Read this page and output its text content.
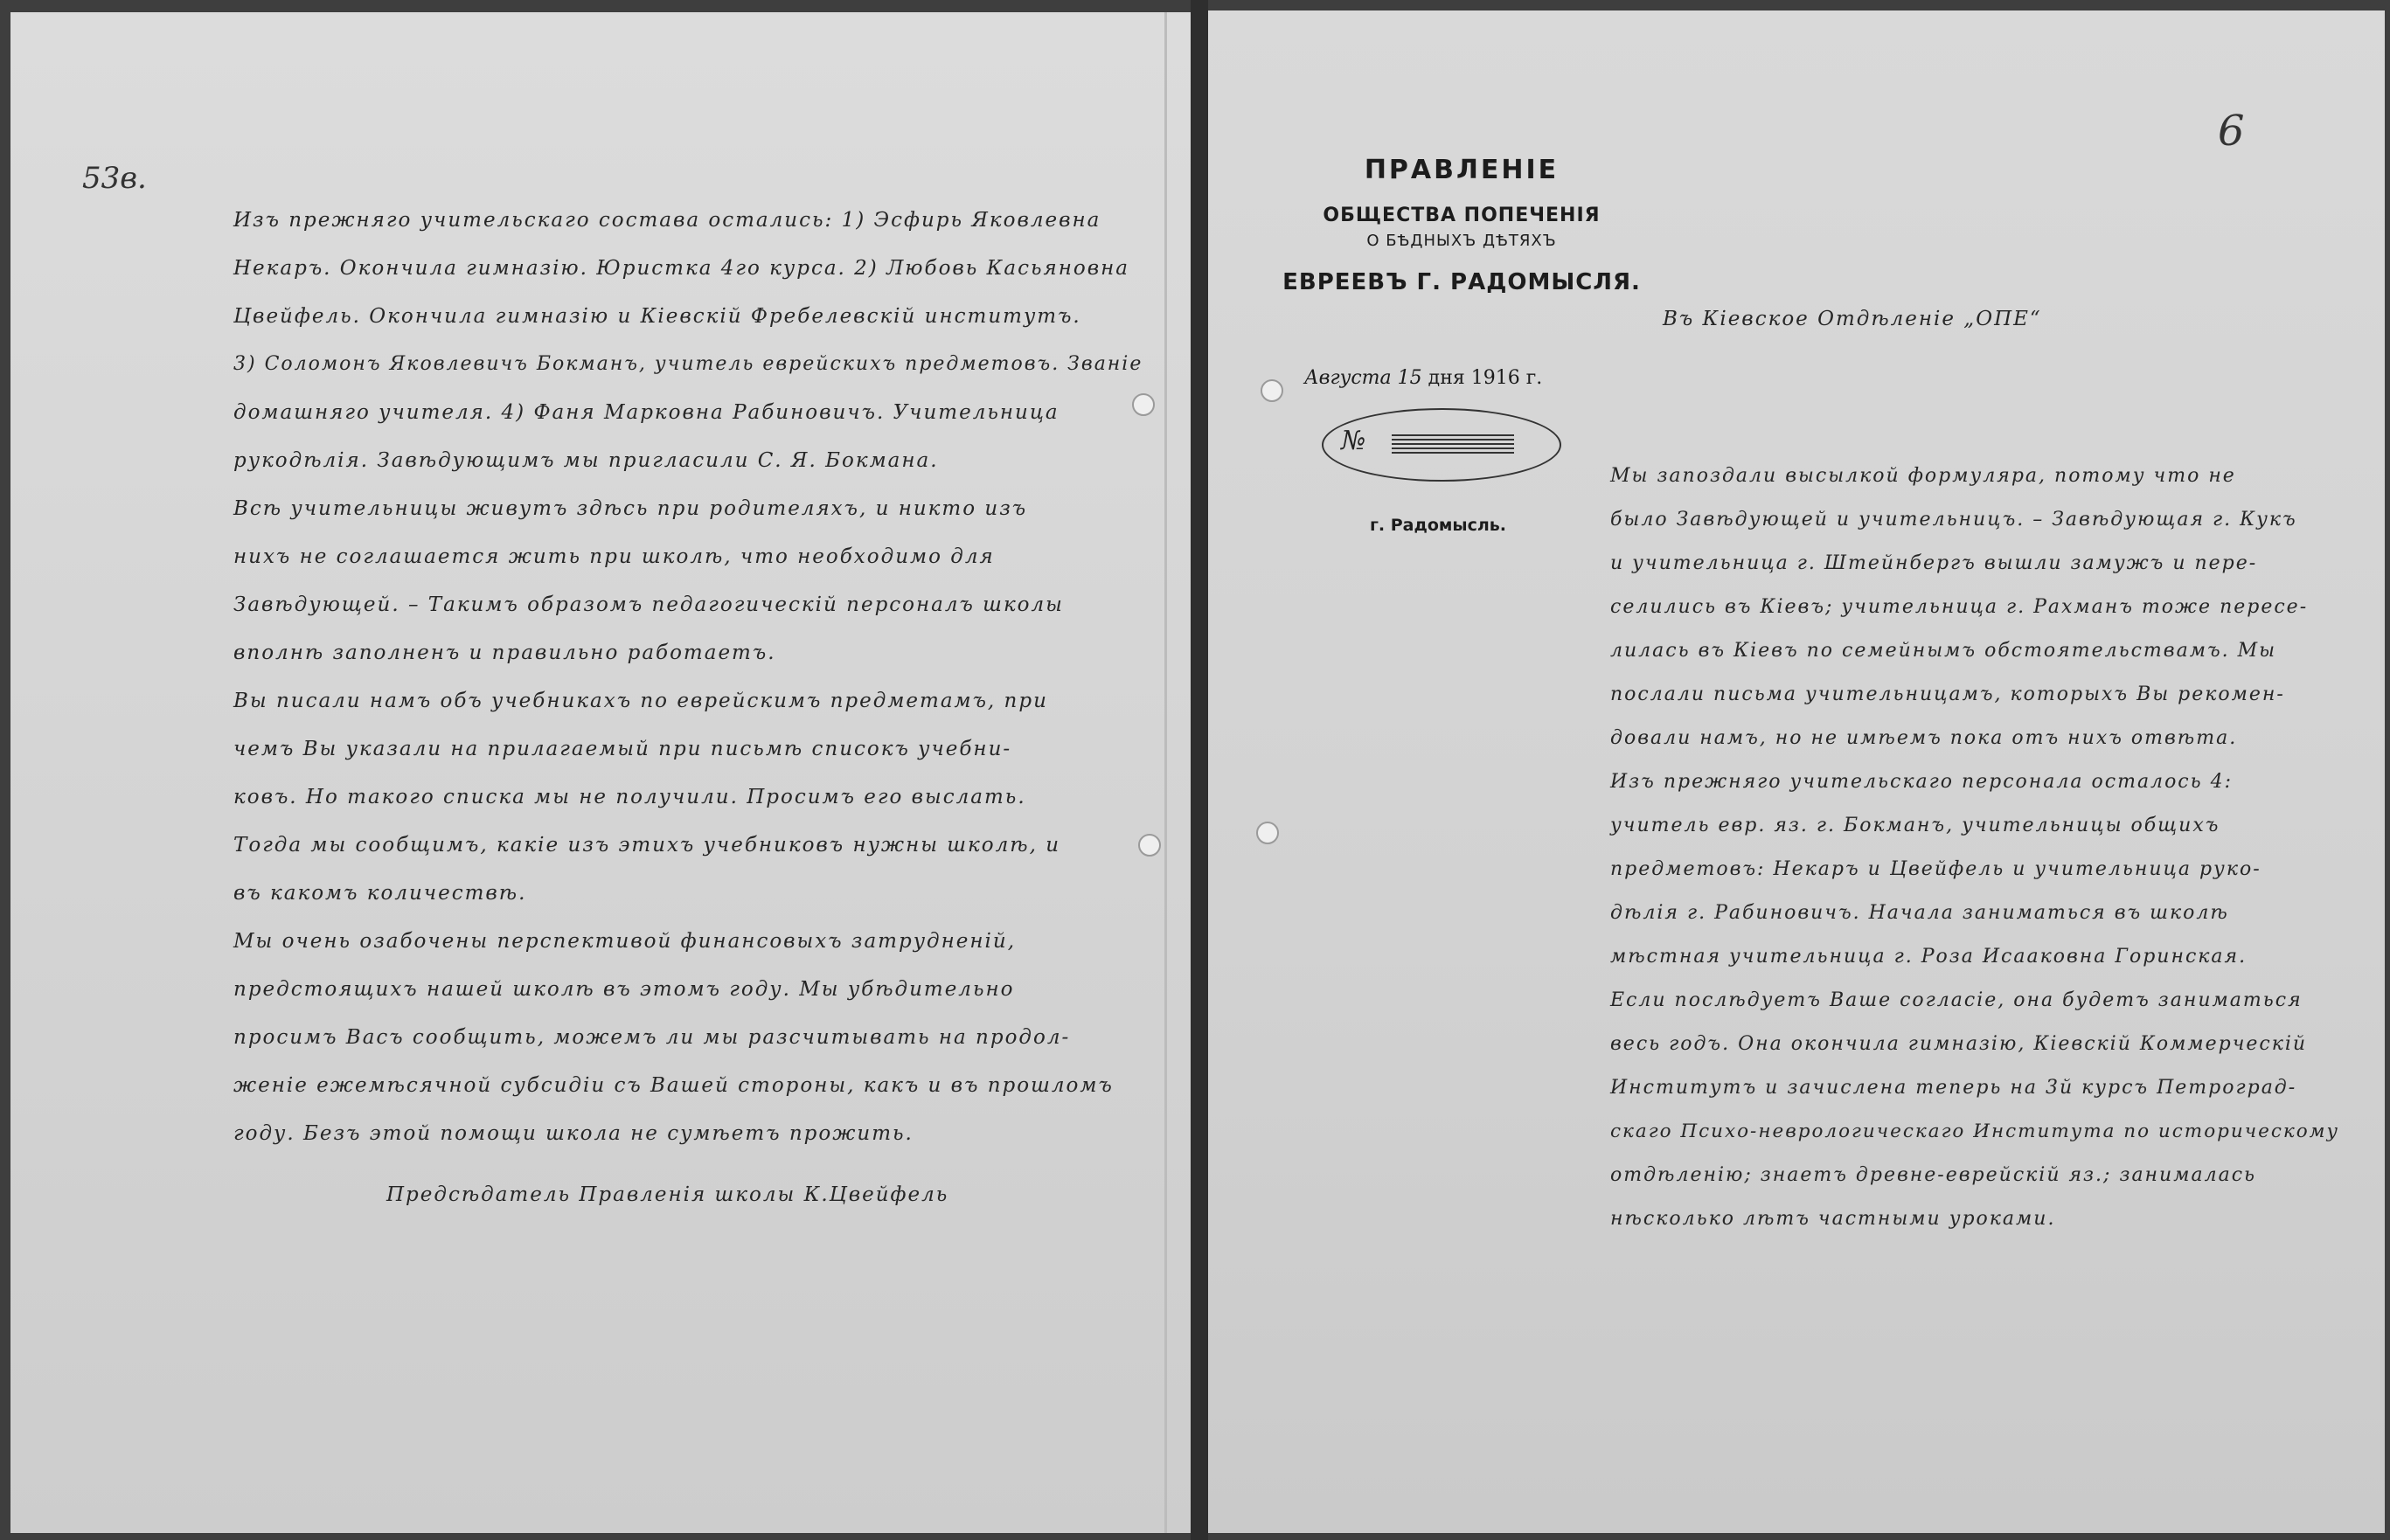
53в.
Изъ прежняго учительскаго состава остались: 1) Эсфирь Яковлевна
Некаръ. Окончила гимназію. Юристка 4го курса. 2) Любовь Касьяновна
Цвейфель. Окончила гимназію и Кіевскій Фребелевскій институтъ.
3) Соломонъ Яковлевичъ Бокманъ, учитель еврейскихъ предметовъ. Званіе
домашняго учителя. 4) Фаня Марковна Рабиновичъ. Учительница
рукодѣлія. Завѣдующимъ мы пригласили С. Я. Бокмана.
Всѣ учительницы живутъ здѣсь при родителяхъ, и никто изъ
нихъ не соглашается жить при школѣ, что необходимо для
Завѣдующей. – Такимъ образомъ педагогическій персоналъ школы
вполнѣ заполненъ и правильно работаетъ.
Вы писали намъ объ учебникахъ по еврейскимъ предметамъ, при
чемъ Вы указали на прилагаемый при письмѣ списокъ учебни-
ковъ. Но такого списка мы не получили. Просимъ его выслать.
Тогда мы сообщимъ, какіе изъ этихъ учебниковъ нужны школѣ, и
въ какомъ количествѣ.
Мы очень озабочены перспективой финансовыхъ затрудненій,
предстоящихъ нашей школѣ въ этомъ году. Мы убѣдительно
просимъ Васъ сообщить, можемъ ли мы разсчитывать на продол-
женіе ежемѣсячной субсидіи съ Вашей стороны, какъ и въ прошломъ
году. Безъ этой помощи школа не сумѣетъ прожить.
Предсѣдатель Правленія школы К.Цвейфель
6
ПРАВЛЕНІЕ
ОБЩЕСТВА ПОПЕЧЕНІЯ
О БѢДНЫХЪ ДѢТЯХЪ
ЕВРЕЕВЪ Г. РАДОМЫСЛЯ.
Августа 15 дня 1916 г.
№
г. Радомысль.
Въ Кіевское Отдѣленіе „ОПЕ“
Мы запоздали высылкой формуляра, потому что не
было Завѣдующей и учительницъ. – Завѣдующая г. Кукъ
и учительница г. Штейнбергъ вышли замужъ и пере-
селились въ Кіевъ; учительница г. Рахманъ тоже пересе-
лилась въ Кіевъ по семейнымъ обстоятельствамъ. Мы
послали письма учительницамъ, которыхъ Вы рекомен-
довали намъ, но не имѣемъ пока отъ нихъ отвѣта.
Изъ прежняго учительскаго персонала осталось 4:
учитель евр. яз. г. Бокманъ, учительницы общихъ
предметовъ: Некаръ и Цвейфель и учительница руко-
дѣлія г. Рабиновичъ. Начала заниматься въ школѣ
мѣстная учительница г. Роза Исааковна Горинская.
Если послѣдуетъ Ваше согласіе, она будетъ заниматься
весь годъ. Она окончила гимназію, Кіевскій Коммерческій
Институтъ и зачислена теперь на 3й курсъ Петроград-
скаго Психо-неврологическаго Института по историческому
отдѣленію; знаетъ древне-еврейскій яз.; занималась
нѣсколько лѣтъ частными уроками.
